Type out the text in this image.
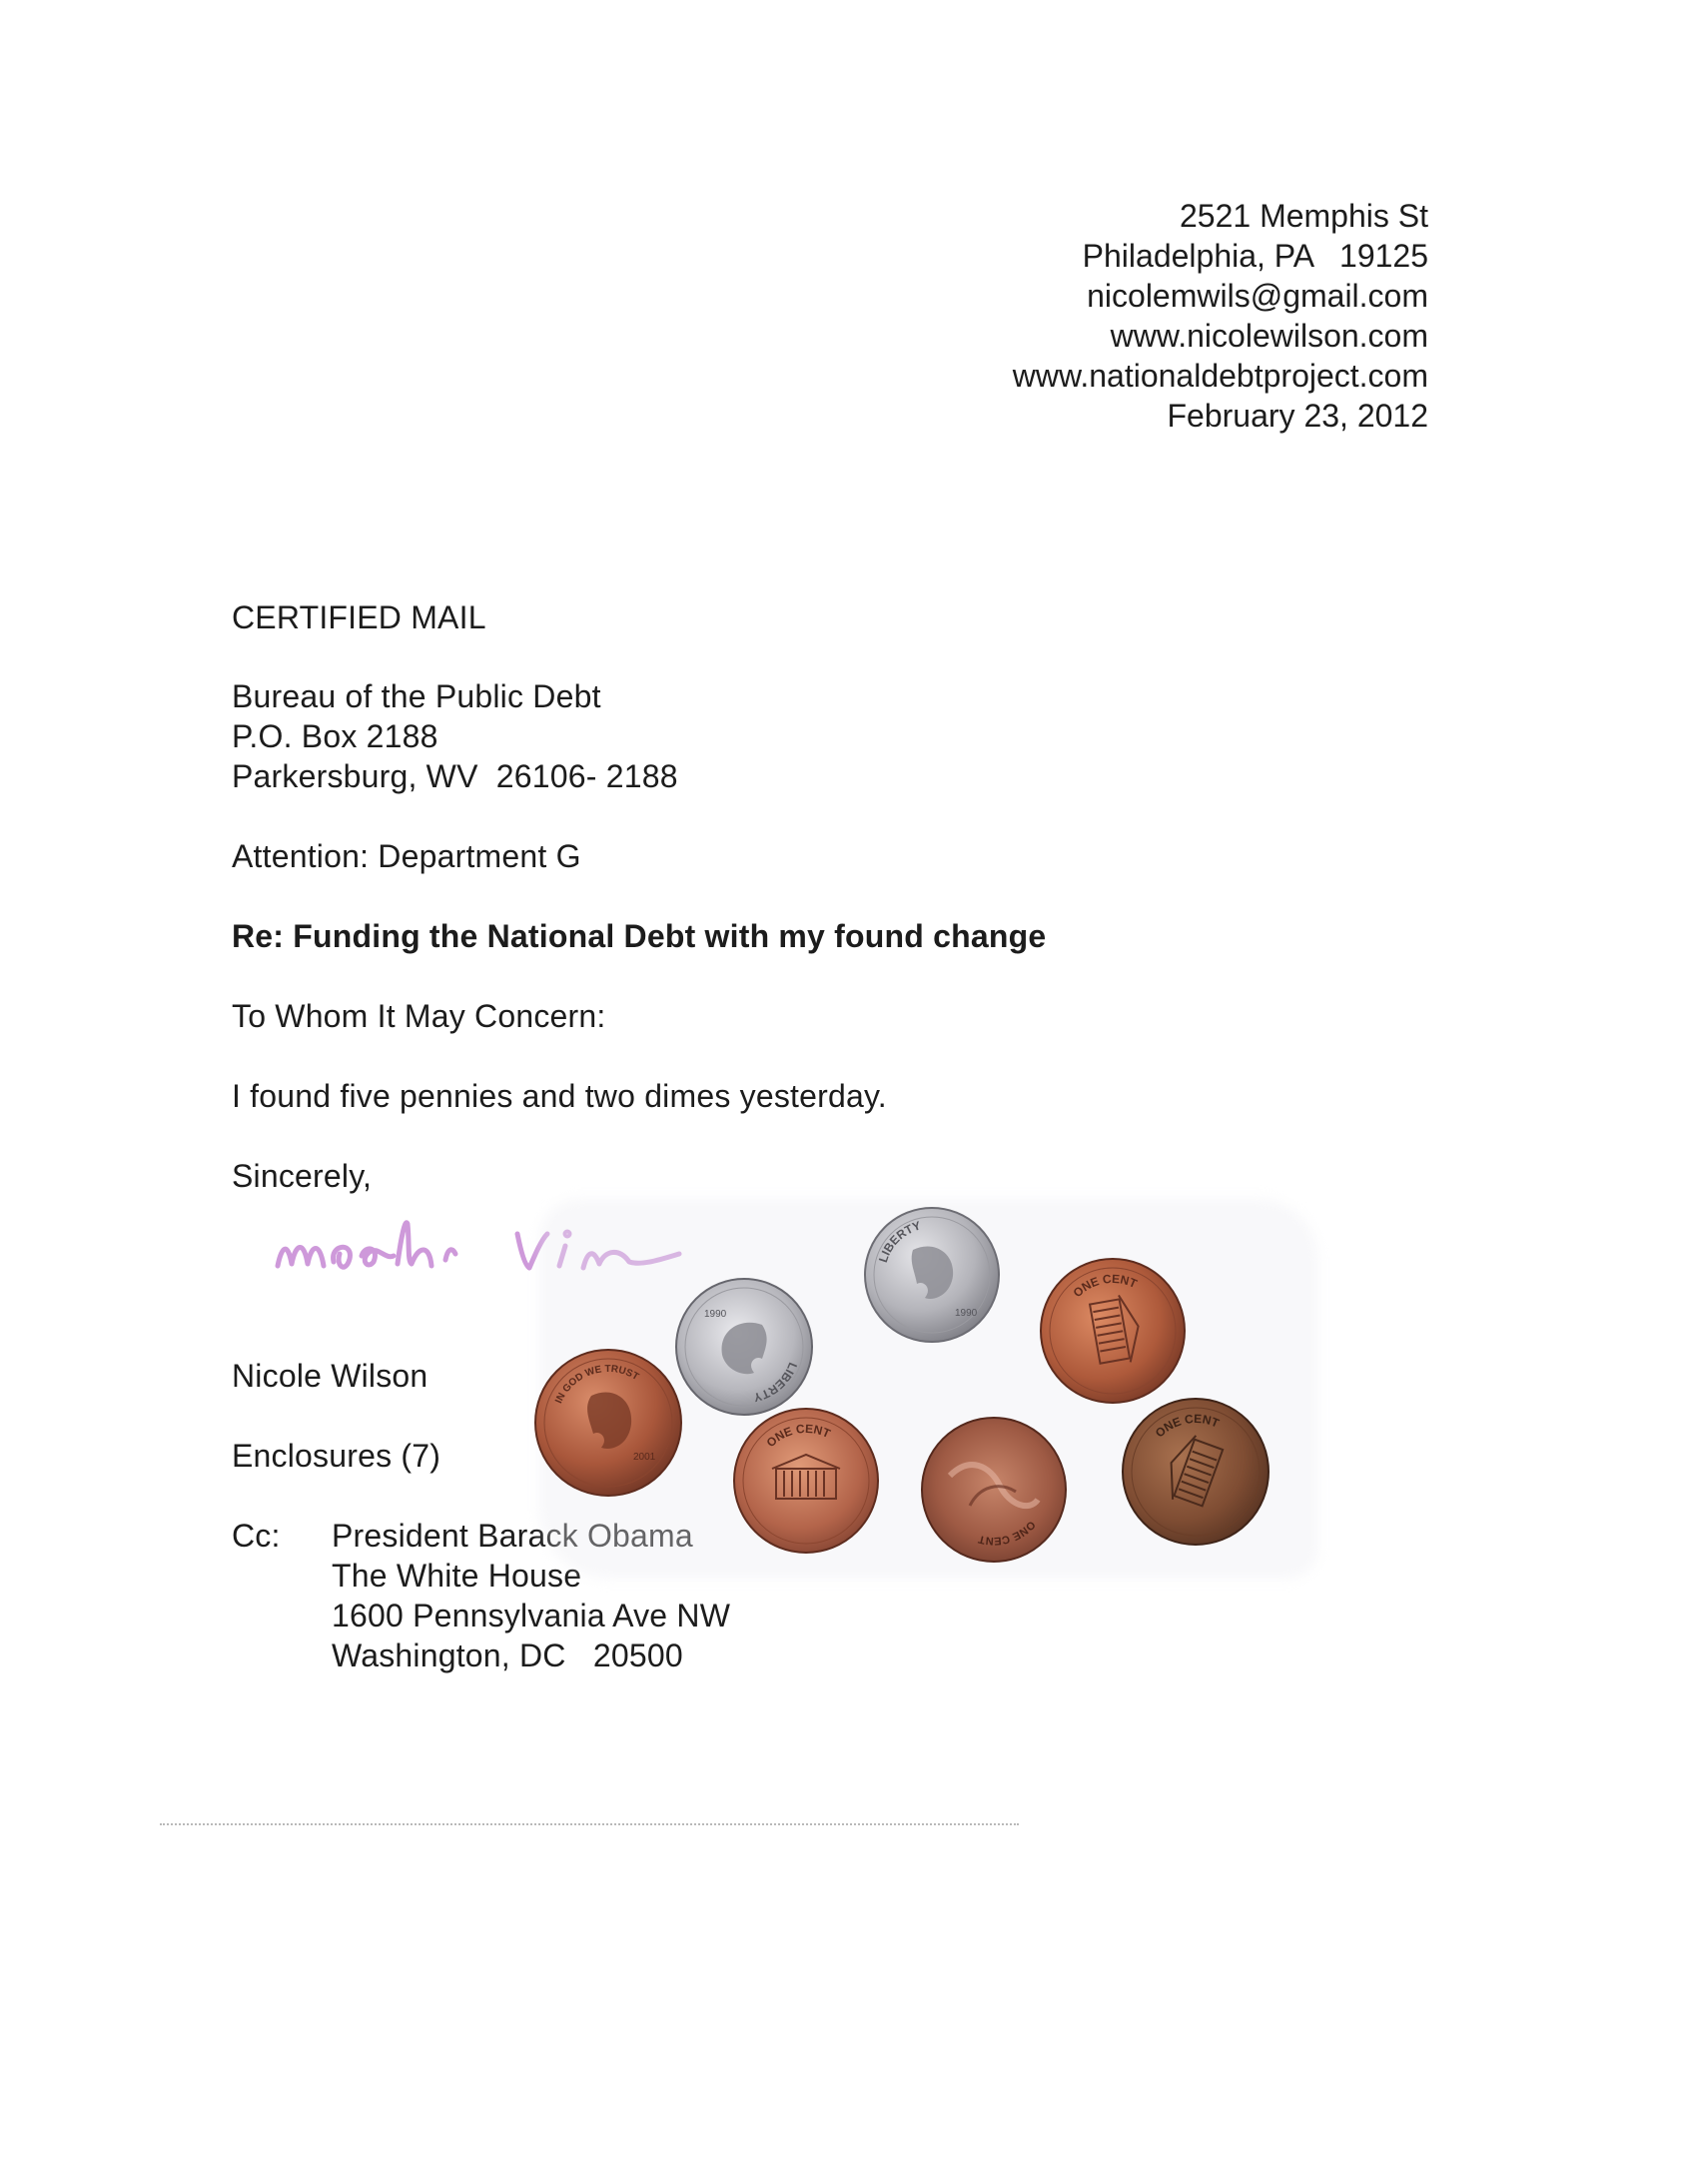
2521 Memphis St
Philadelphia, PA   19125
nicolemwils@gmail.com
www.nicolewilson.com
www.nationaldebtproject.com
February 23, 2012
CERTIFIED MAIL
Bureau of the Public Debt
P.O. Box 2188
Parkersburg, WV  26106- 2188
Attention: Department G
Re: Funding the National Debt with my found change
To Whom It May Concern:
I found five pennies and two dimes yesterday.
Sincerely,
Nicole Wilson
Enclosures (7)
Cc: President Barack Obama
The White House
1600 Pennsylvania Ave NW
Washington, DC   20500
LIBERTY
1990
LIBERTY
1990
IN GOD WE TRUST
2001
ONE CENT
ONE CENT
ONE CENT
ONE CENT
